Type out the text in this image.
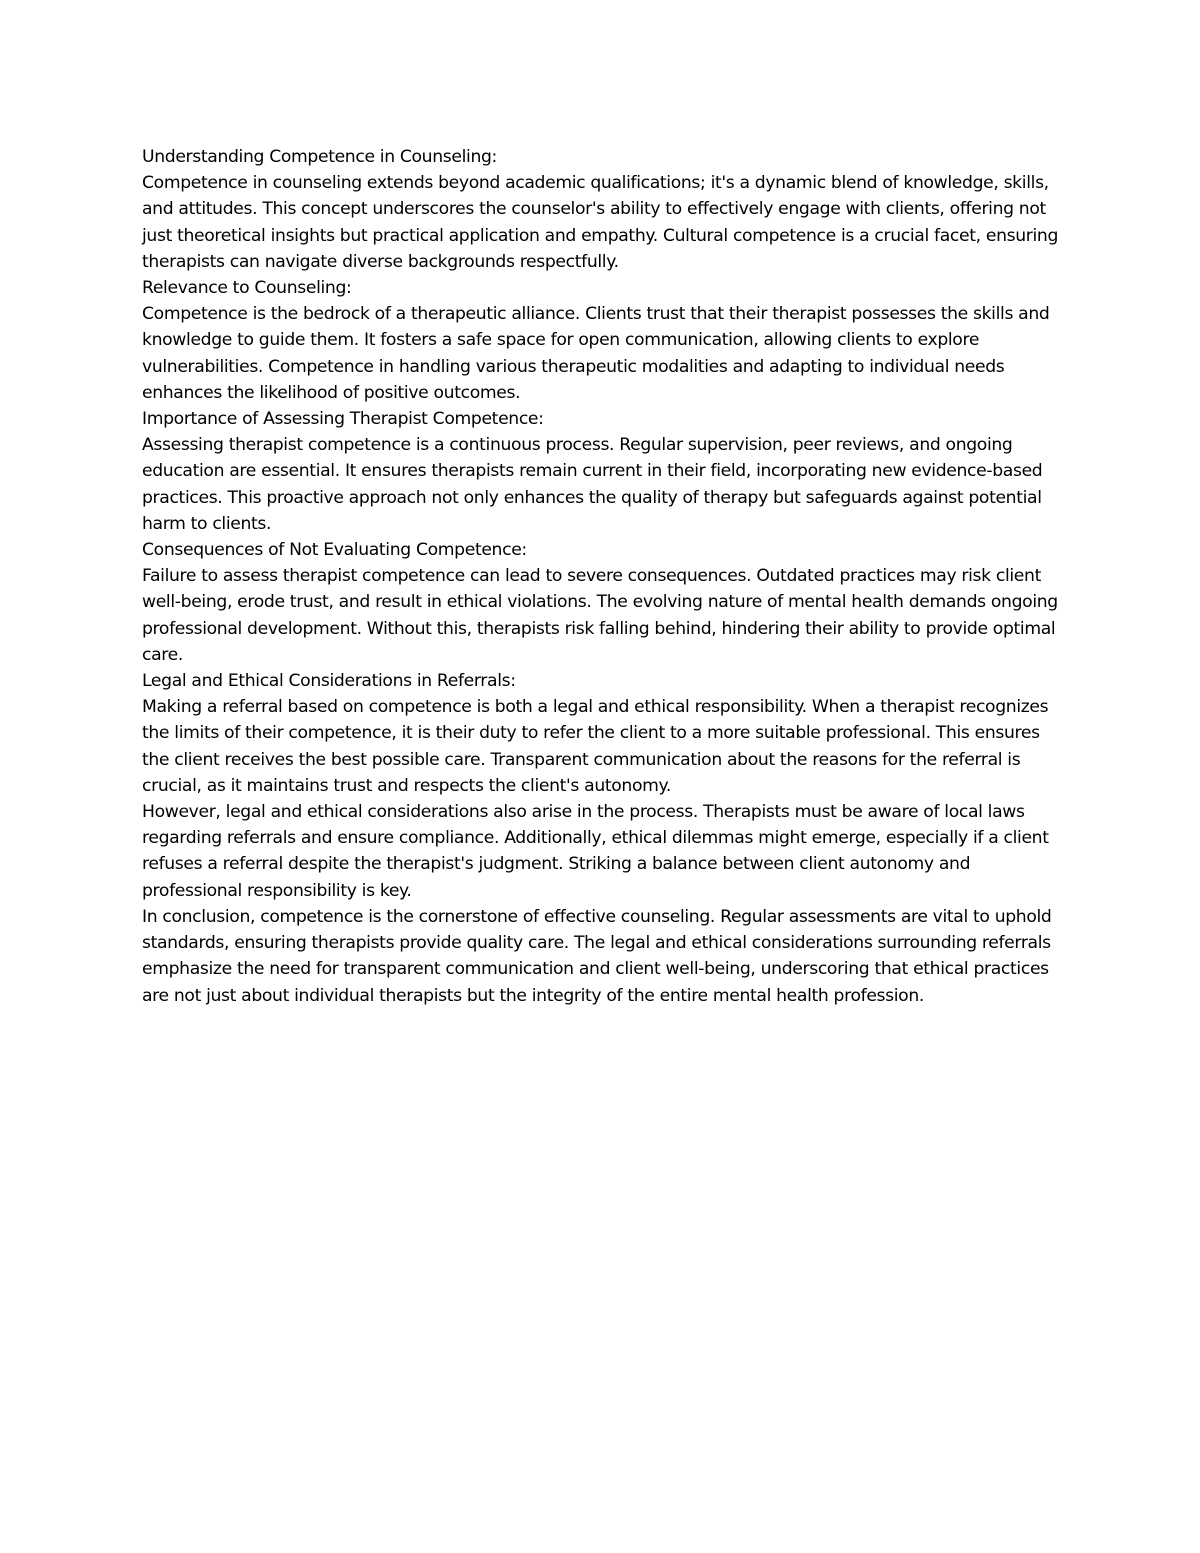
Understanding Competence in Counseling:

Competence in counseling extends beyond academic qualifications; it's a dynamic blend of knowledge, skills, and attitudes. This concept underscores the counselor's ability to effectively engage with clients, offering not just theoretical insights but practical application and empathy. Cultural competence is a crucial facet, ensuring therapists can navigate diverse backgrounds respectfully.

Relevance to Counseling:

Competence is the bedrock of a therapeutic alliance. Clients trust that their therapist possesses the skills and knowledge to guide them. It fosters a safe space for open communication, allowing clients to explore vulnerabilities. Competence in handling various therapeutic modalities and adapting to individual needs enhances the likelihood of positive outcomes.

Importance of Assessing Therapist Competence:

Assessing therapist competence is a continuous process. Regular supervision, peer reviews, and ongoing education are essential. It ensures therapists remain current in their field, incorporating new evidence-based practices. This proactive approach not only enhances the quality of therapy but safeguards against potential harm to clients.

Consequences of Not Evaluating Competence:

Failure to assess therapist competence can lead to severe consequences. Outdated practices may risk client well-being, erode trust, and result in ethical violations. The evolving nature of mental health demands ongoing professional development. Without this, therapists risk falling behind, hindering their ability to provide optimal care.

Legal and Ethical Considerations in Referrals:

Making a referral based on competence is both a legal and ethical responsibility. When a therapist recognizes the limits of their competence, it is their duty to refer the client to a more suitable professional. This ensures the client receives the best possible care. Transparent communication about the reasons for the referral is crucial, as it maintains trust and respects the client's autonomy.

However, legal and ethical considerations also arise in the process. Therapists must be aware of local laws regarding referrals and ensure compliance. Additionally, ethical dilemmas might emerge, especially if a client refuses a referral despite the therapist's judgment. Striking a balance between client autonomy and professional responsibility is key.

In conclusion, competence is the cornerstone of effective counseling. Regular assessments are vital to uphold standards, ensuring therapists provide quality care. The legal and ethical considerations surrounding referrals emphasize the need for transparent communication and client well-being, underscoring that ethical practices are not just about individual therapists but the integrity of the entire mental health profession.
